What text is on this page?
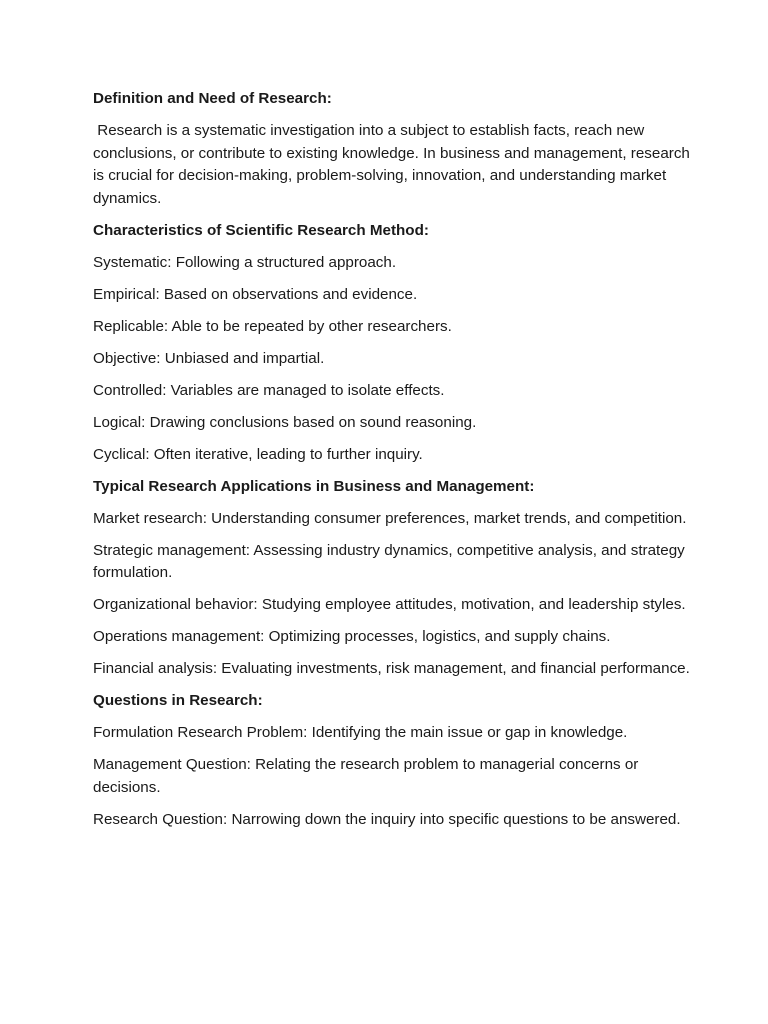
Definition and Need of Research:

Research is a systematic investigation into a subject to establish facts, reach new conclusions, or contribute to existing knowledge. In business and management, research is crucial for decision-making, problem-solving, innovation, and understanding market dynamics.

Characteristics of Scientific Research Method:

Systematic: Following a structured approach.

Empirical: Based on observations and evidence.

Replicable: Able to be repeated by other researchers.

Objective: Unbiased and impartial.

Controlled: Variables are managed to isolate effects.

Logical: Drawing conclusions based on sound reasoning.

Cyclical: Often iterative, leading to further inquiry.

Typical Research Applications in Business and Management:

Market research: Understanding consumer preferences, market trends, and competition.

Strategic management: Assessing industry dynamics, competitive analysis, and strategy formulation.

Organizational behavior: Studying employee attitudes, motivation, and leadership styles.

Operations management: Optimizing processes, logistics, and supply chains.

Financial analysis: Evaluating investments, risk management, and financial performance.

Questions in Research:

Formulation Research Problem: Identifying the main issue or gap in knowledge.

Management Question: Relating the research problem to managerial concerns or decisions.

Research Question: Narrowing down the inquiry into specific questions to be answered.
